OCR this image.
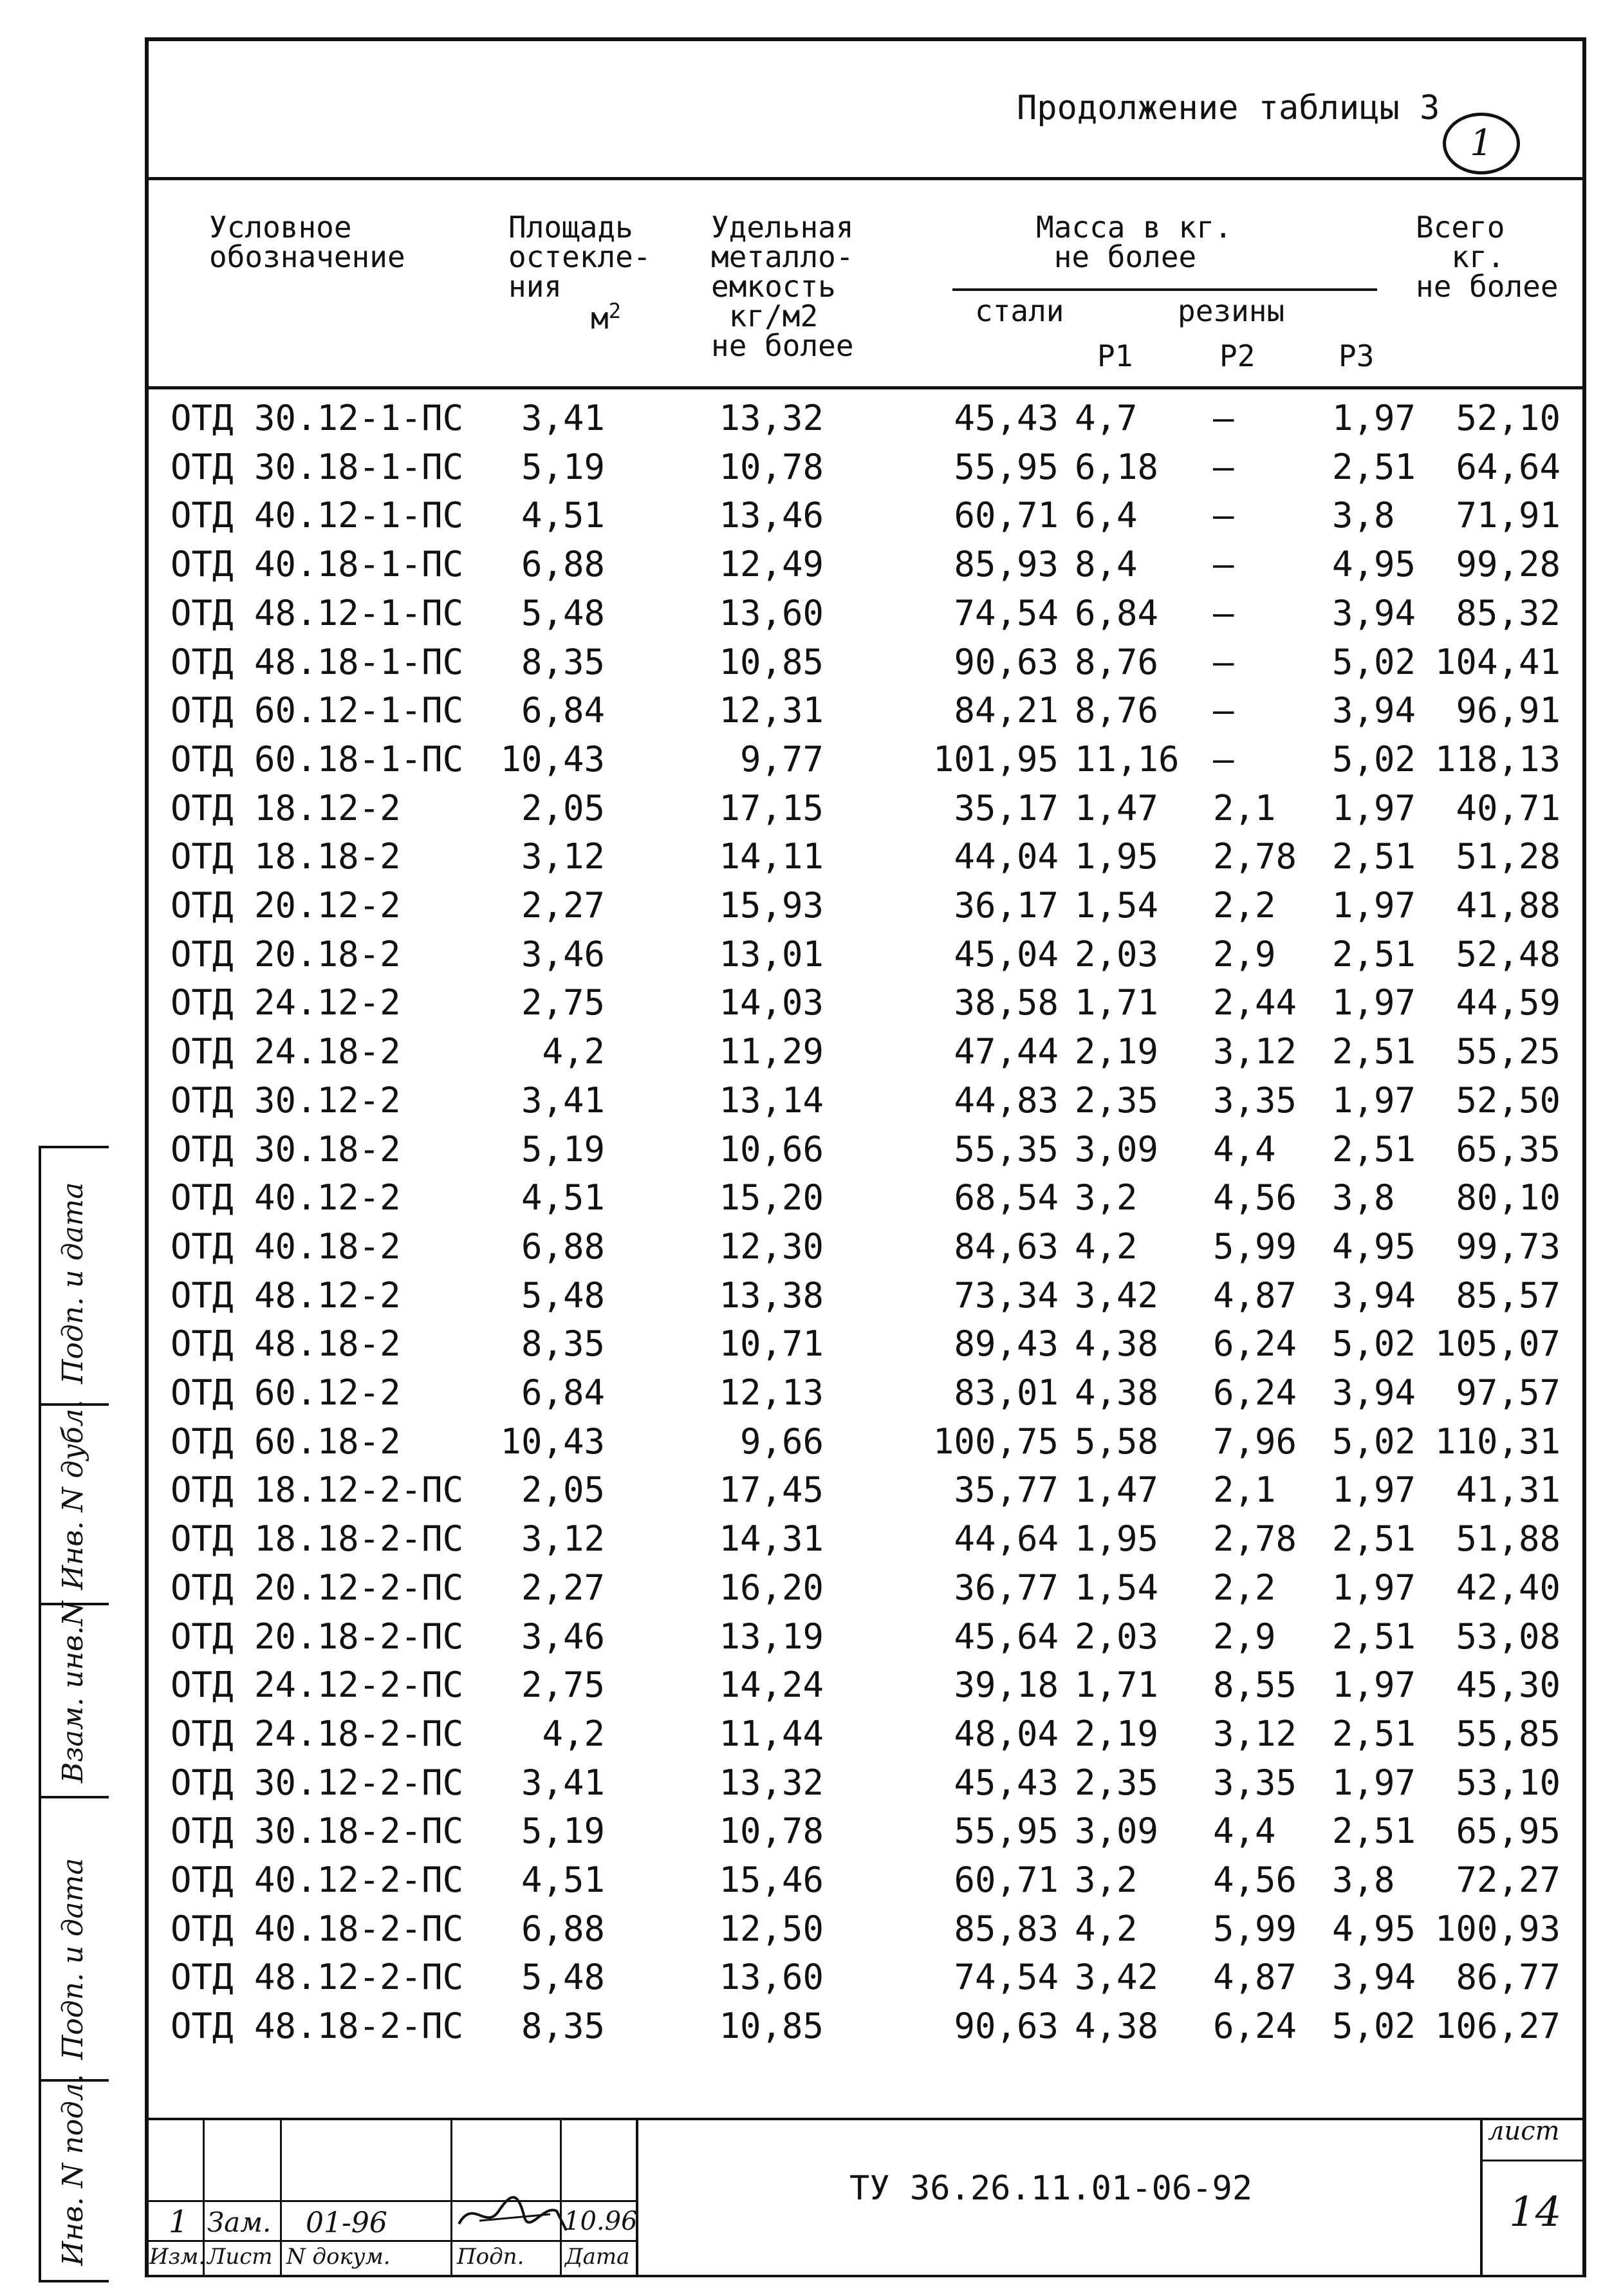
Продолжение таблицы 3
1
Условное
обозначение
Площадь
остекле-
ния
$м^2$
Удельная
металло-
емкость
кг/м2
не более
Масса в кг.
не более
стали	резины
Р1	Р2	Р3
Всего
кг.
не более
ОТД 30.12-1-ПС	3,41	13,32	45,43 4,7	–	1,97	52,10
ОТД 30.18-1-ПС	5,19	10,78	55,95 6,18	–	2,51	64,64
ОТД 40.12-1-ПС	4,51	13,46	60,71 6,4	–	3,8	71,91
ОТД 40.18-1-ПС	6,88	12,49	85,93 8,4	–	4,95	99,28
ОТД 48.12-1-ПС	5,48	13,60	74,54 6,84	–	3,94	85,32
ОТД 48.18-1-ПС	8,35	10,85	90,63 8,76	–	5,02 104,41
ОТД 60.12-1-ПС	6,84	12,31	84,21 8,76	–	3,94	96,91
ОТД 60.18-1-ПС	10,43	9,77	101,95 11,16 –	5,02 118,13
ОТД 18.12-2	2,05	17,15	35,17 1,47	2,1	1,97	40,71
ОТД 18.18-2	3,12	14,11	44,04 1,95	2,78	2,51	51,28
ОТД 20.12-2	2,27	15,93	36,17 1,54	2,2	1,97	41,88
ОТД 20.18-2	3,46	13,01	45,04 2,03	2,9	2,51	52,48
ОТД 24.12-2	2,75	14,03	38,58 1,71	2,44	1,97	44,59
ОТД 24.18-2	4,2	11,29	47,44 2,19	3,12	2,51	55,25
ОТД 30.12-2	3,41	13,14	44,83 2,35	3,35	1,97	52,50
ОТД 30.18-2	5,19	10,66	55,35 3,09	4,4	2,51	65,35
ОТД 40.12-2	4,51	15,20	68,54 3,2	4,56	3,8	80,10
ОТД 40.18-2	6,88	12,30	84,63 4,2	5,99	4,95	99,73
ОТД 48.12-2	5,48	13,38	73,34 3,42	4,87	3,94	85,57
ОТД 48.18-2	8,35	10,71	89,43 4,38	6,24	5,02 105,07
ОТД 60.12-2	6,84	12,13	83,01 4,38	6,24	3,94	97,57
ОТД 60.18-2	10,43	9,66	100,75 5,58	7,96	5,02 110,31
ОТД 18.12-2-ПС	2,05	17,45	35,77 1,47	2,1	1,97	41,31
ОТД 18.18-2-ПС	3,12	14,31	44,64 1,95	2,78	2,51	51,88
ОТД 20.12-2-ПС	2,27	16,20	36,77 1,54	2,2	1,97	42,40
ОТД 20.18-2-ПС	3,46	13,19	45,64 2,03	2,9	2,51	53,08
ОТД 24.12-2-ПС	2,75	14,24	39,18 1,71	8,55	1,97	45,30
ОТД 24.18-2-ПС	4,2	11,44	48,04 2,19	3,12	2,51	55,85
ОТД 30.12-2-ПС	3,41	13,32	45,43 2,35	3,35	1,97	53,10
ОТД 30.18-2-ПС	5,19	10,78	55,95 3,09	4,4	2,51	65,95
ОТД 40.12-2-ПС	4,51	15,46	60,71 3,2	4,56	3,8	72,27
ОТД 40.18-2-ПС	6,88	12,50	85,83 4,2	5,99	4,95 100,93
ОТД 48.12-2-ПС	5,48	13,60	74,54 3,42	4,87	3,94	86,77
ОТД 48.18-2-ПС	8,35	10,85	90,63 4,38	6,24	5,02 106,27
Подп. и дата
Инв. N дубл.
Взам. инв.N
Подп. и дата
Инв. N подл.	1 Зам. 01-96	10.96
Изм. Лист N докум.	Подп. Дата
ТУ 36.26.11.01-06-92
лист
14
